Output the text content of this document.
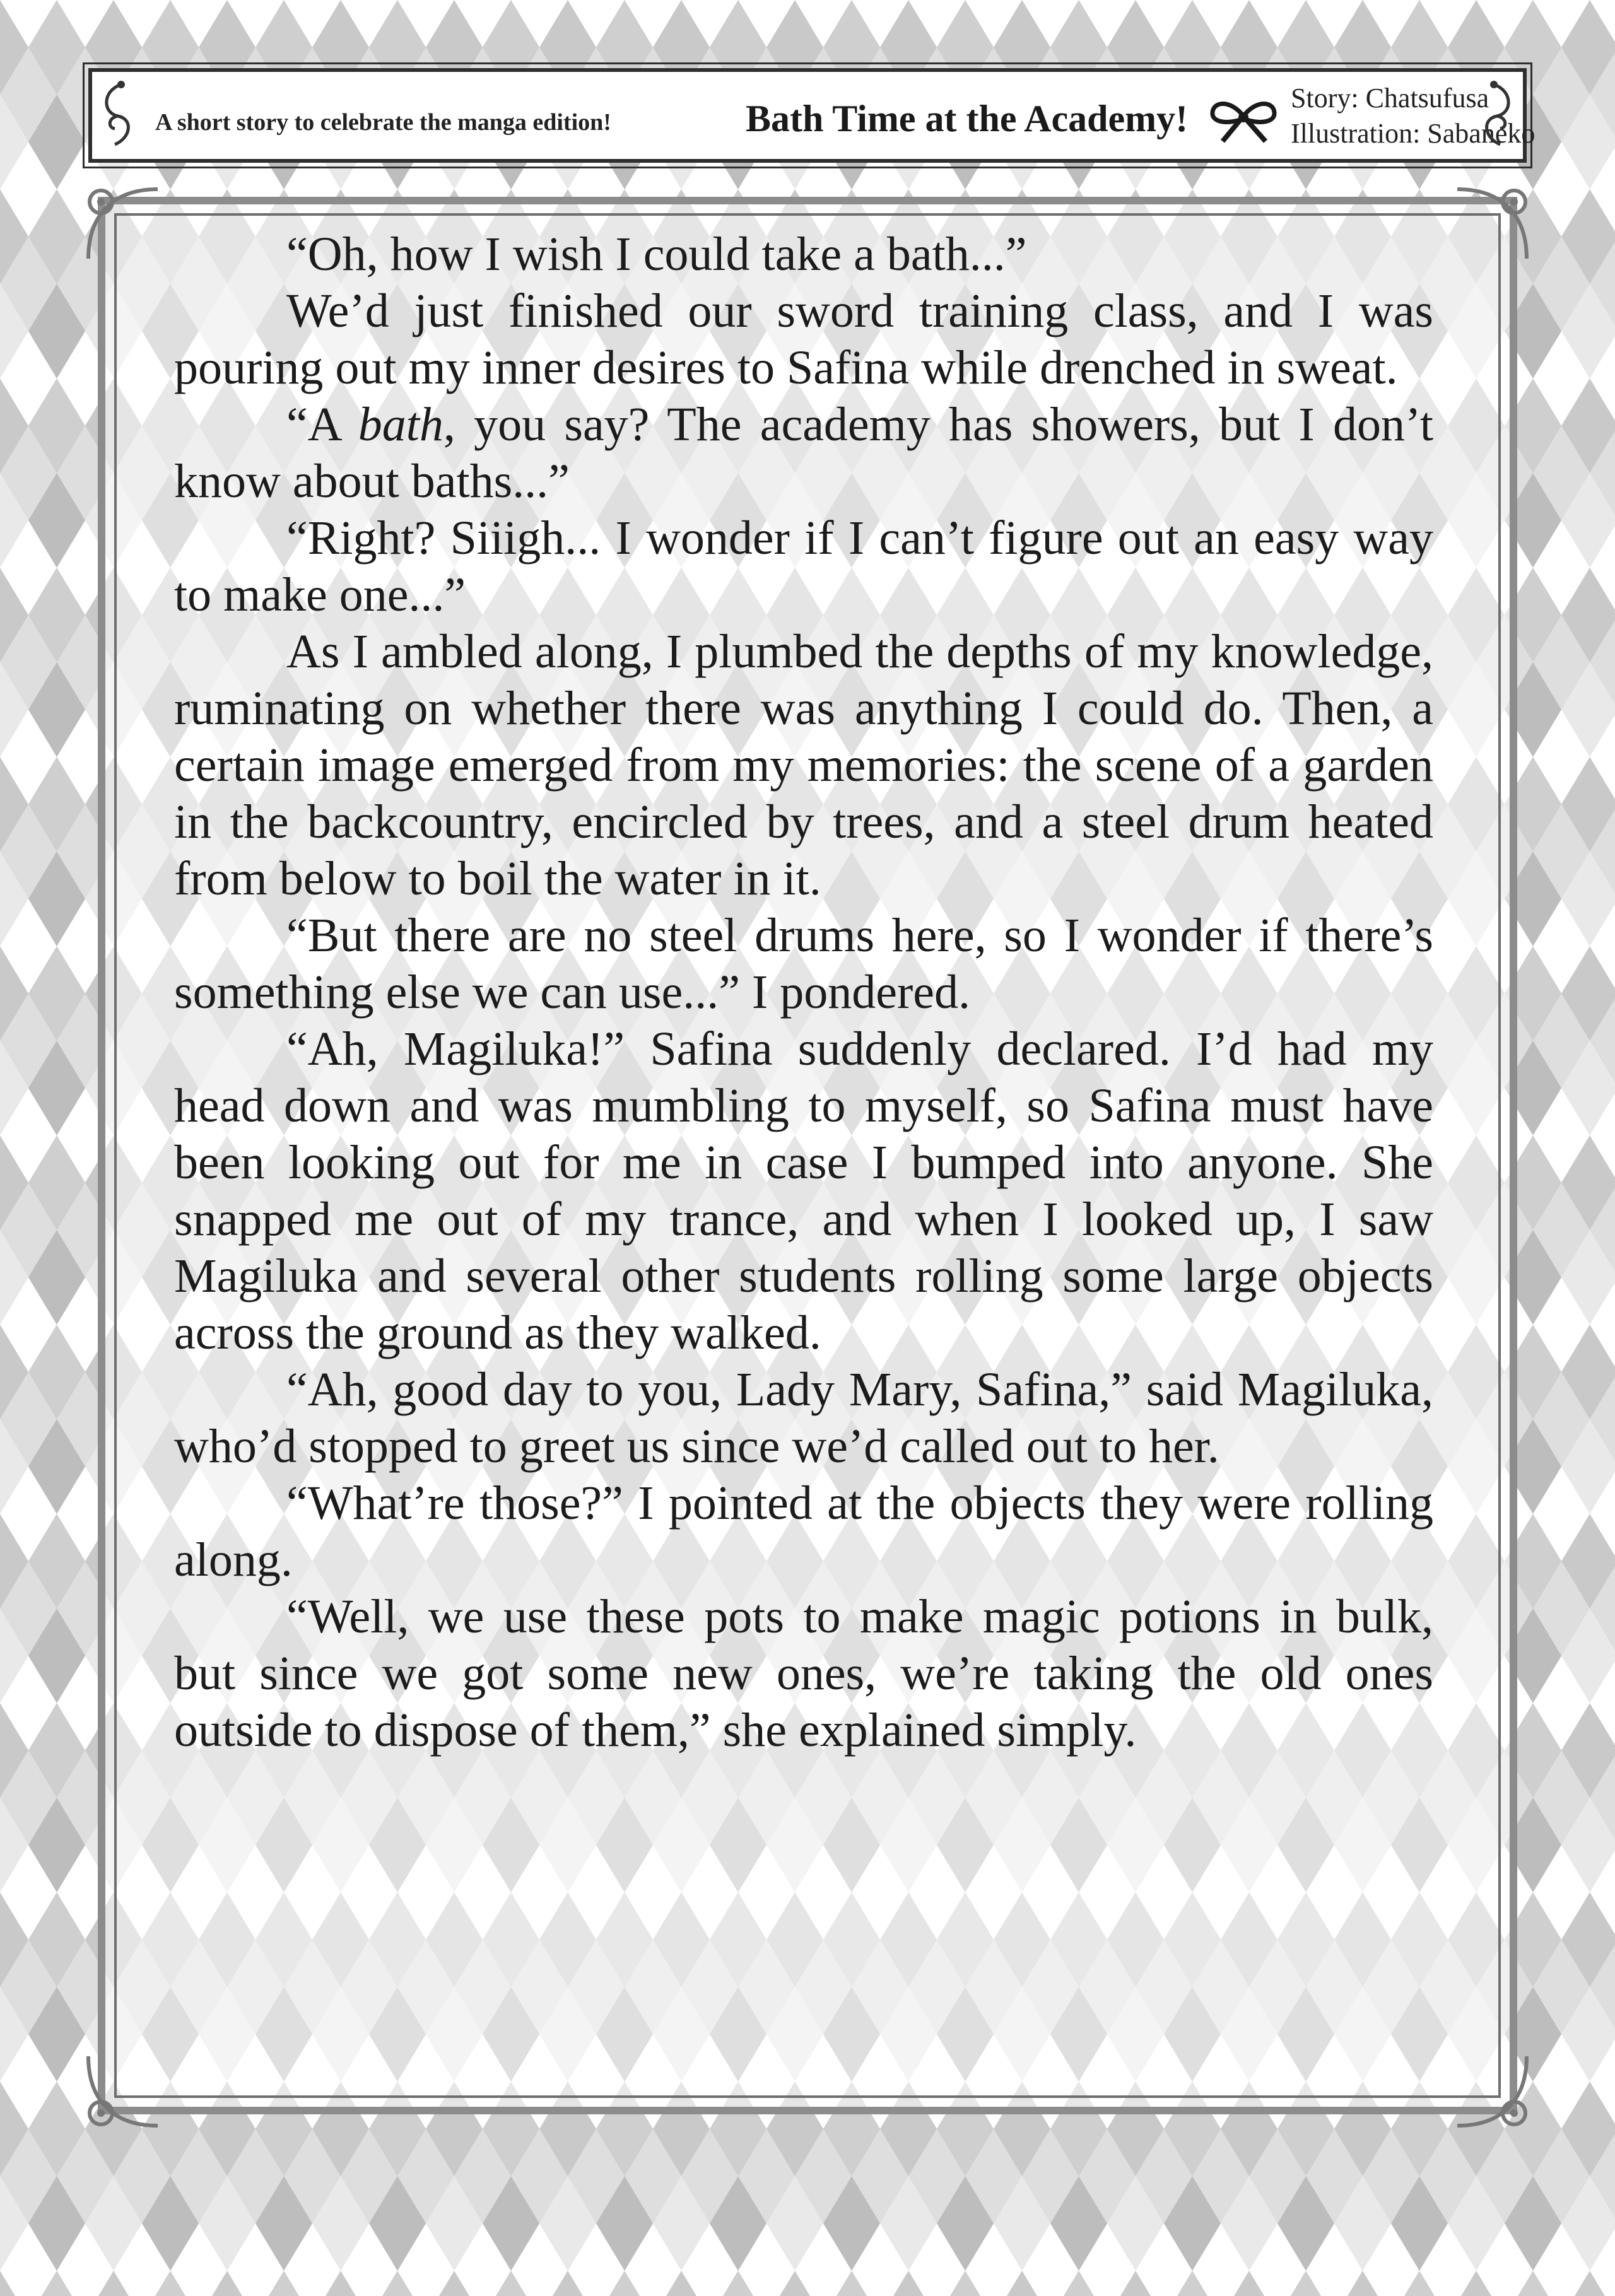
A short story to celebrate the manga edition!	Bath Time at the Academy!	Story: Chatsufusa
Illustration: Sabaneko

“Oh, how I wish I could take a bath...”

We’d just finished our sword training class, and I was pouring out my inner desires to Safina while drenched in sweat.

“A bath, you say? The academy has showers, but I don’t know about baths...”

“Right? Siiigh... I wonder if I can’t figure out an easy way to make one...”

As I ambled along, I plumbed the depths of my knowledge, ruminating on whether there was anything I could do. Then, a certain image emerged from my memories: the scene of a garden in the backcountry, encircled by trees, and a steel drum heated from below to boil the water in it.

“But there are no steel drums here, so I wonder if there’s something else we can use...” I pondered.

“Ah, Magiluka!” Safina suddenly declared. I’d had my head down and was mumbling to myself, so Safina must have been looking out for me in case I bumped into anyone. She snapped me out of my trance, and when I looked up, I saw Magiluka and several other students rolling some large objects across the ground as they walked.

“Ah, good day to you, Lady Mary, Safina,” said Magiluka, who’d stopped to greet us since we’d called out to her.

“What’re those?” I pointed at the objects they were rolling along.

“Well, we use these pots to make magic potions in bulk, but since we got some new ones, we’re taking the old ones outside to dispose of them,” she explained simply.
